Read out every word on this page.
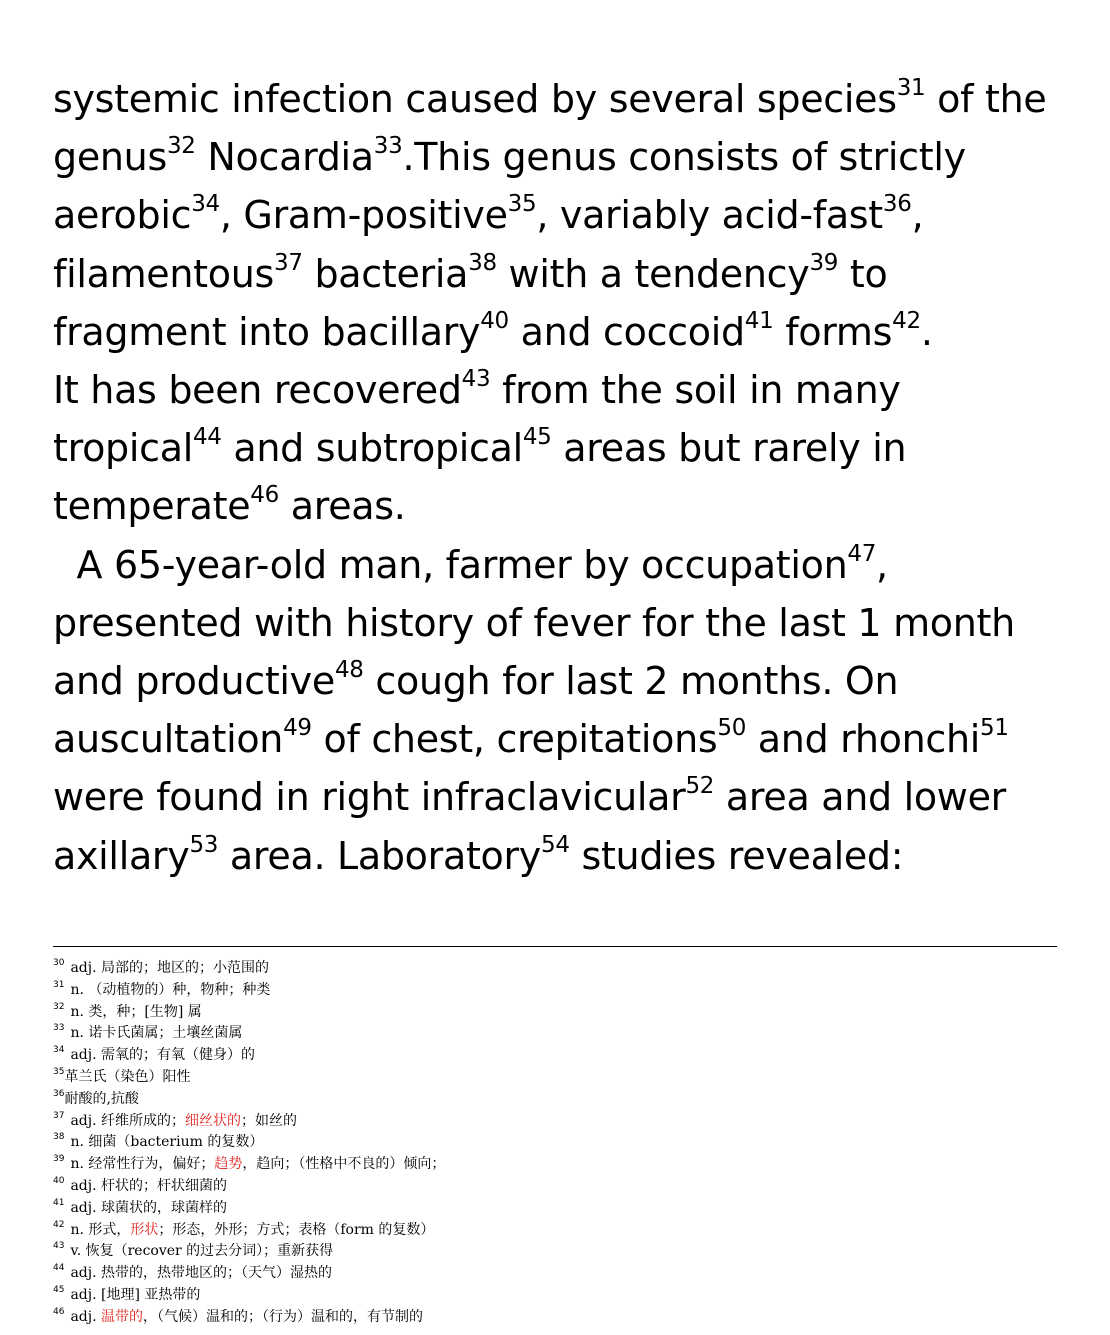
systemic infection caused by several species$^{31}$ of the
genus$^{32}$ Nocardia$^{33}$.This genus consists of strictly
aerobic$^{34}$, Gram-positive$^{35}$, variably acid-fast$^{36}$,
filamentous$^{37}$ bacteria$^{38}$ with a tendency$^{39}$ to
fragment into bacillary$^{40}$ and coccoid$^{41}$ forms$^{42}$.
It has been recovered$^{43}$ from the soil in many
tropical$^{44}$ and subtropical$^{45}$ areas but rarely in
temperate$^{46}$ areas.
A 65-year-old man, farmer by occupation$^{47}$,
presented with history of fever for the last 1 month
and productive$^{48}$ cough for last 2 months. On
auscultation$^{49}$ of chest, crepitations$^{50}$ and rhonchi$^{51}$
were found in right infraclavicular$^{52}$ area and lower
axillary$^{53}$ area. Laboratory$^{54}$ studies revealed:
$^{30}$ adj. 局部的；地区的；小范围的
$^{31}$ n. （动植物的）种，物种；种类
$^{32}$ n. 类，种；[生物] 属
$^{33}$ n. 诺卡氏菌属；土壤丝菌属
$^{34}$ adj. 需氧的；有氧（健身）的
$^{35}$革兰氏（染色）阳性
$^{36}$耐酸的,抗酸
$^{37}$ adj. 纤维所成的；细丝状的；如丝的
$^{38}$ n. 细菌（bacterium 的复数）
$^{39}$ n. 经常性行为，偏好；趋势，趋向；（性格中不良的）倾向；
$^{40}$ adj. 杆状的；杆状细菌的
$^{41}$ adj. 球菌状的，球菌样的
$^{42}$ n. 形式，形状；形态，外形；方式；表格（form 的复数）
$^{43}$ v. 恢复（recover 的过去分词）；重新获得
$^{44}$ adj. 热带的，热带地区的；（天气）湿热的
$^{45}$ adj. [地理] 亚热带的
$^{46}$ adj. 温带的，（气候）温和的；（行为）温和的，有节制的
